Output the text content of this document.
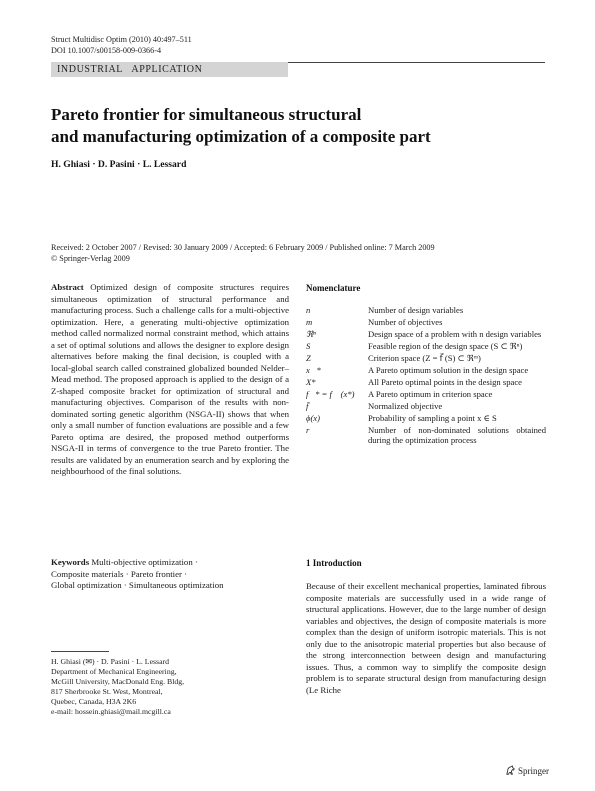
Struct Multidisc Optim (2010) 40:497–511
DOI 10.1007/s00158-009-0366-4
INDUSTRIAL   APPLICATION
Pareto frontier for simultaneous structural
and manufacturing optimization of a composite part
H. Ghiasi · D. Pasini · L. Lessard
Received: 2 October 2007 / Revised: 30 January 2009 / Accepted: 6 February 2009 / Published online: 7 March 2009
© Springer-Verlag 2009
Abstract Optimized design of composite structures requires simultaneous optimization of structural performance and manufacturing process. Such a challenge calls for a multi-objective optimization. Here, a generating multi-objective optimization method called normalized normal constraint method, which attains a set of optimal solutions and allows the designer to explore design alternatives before making the final decision, is coupled with a local-global search called constrained globalized bounded Nelder–Mead method. The proposed approach is applied to the design of a Z-shaped composite bracket for optimization of structural and manufacturing objectives. Comparison of the results with non-dominated sorting genetic algorithm (NSGA-II) shows that when only a small number of function evaluations are possible and a few Pareto optima are desired, the proposed method outperforms NSGA-II in terms of convergence to the true Pareto frontier. The results are validated by an enumeration search and by exploring the neighbourhood of the final solutions.
Keywords Multi-objective optimization ·
Composite materials · Pareto frontier ·
Global optimization · Simultaneous optimization
H. Ghiasi (✉) · D. Pasini · L. Lessard
Department of Mechanical Engineering,
McGill University, MacDonald Eng. Bldg,
817 Sherbrooke St. West, Montreal,
Quebec, Canada, H3A 2K6
e-mail: hossein.ghiasi@mail.mcgill.ca
Nomenclature
n	Number of design variables
m	Number of objectives
ℜⁿ	Design space of a problem with n design variables
S	Feasible region of the design space (S ⊂ ℜⁿ)
Z	Criterion space (Z = f⃗ (S) ⊂ ℜᵐ)
x⃗*	A Pareto optimum solution in the design space
X*	All Pareto optimal points in the design space
f⃗* = f⃗ (x*)	A Pareto optimum in criterion space
f̄	Normalized objective
ϕ(x)	Probability of sampling a point x ∈ S
r	Number of non-dominated solutions obtained during the optimization process
1 Introduction
Because of their excellent mechanical properties, laminated fibrous composite materials are successfully used in a wide range of structural applications. However, due to the large number of design variables and objectives, the design of composite materials is more complex than the design of uniform isotropic materials. This is not only due to the anisotropic material properties but also because of the strong interconnection between design and manufacturing issues. Thus, a common way to simplify the composite design problem is to separate structural design from manufacturing design (Le Riche
Springer
